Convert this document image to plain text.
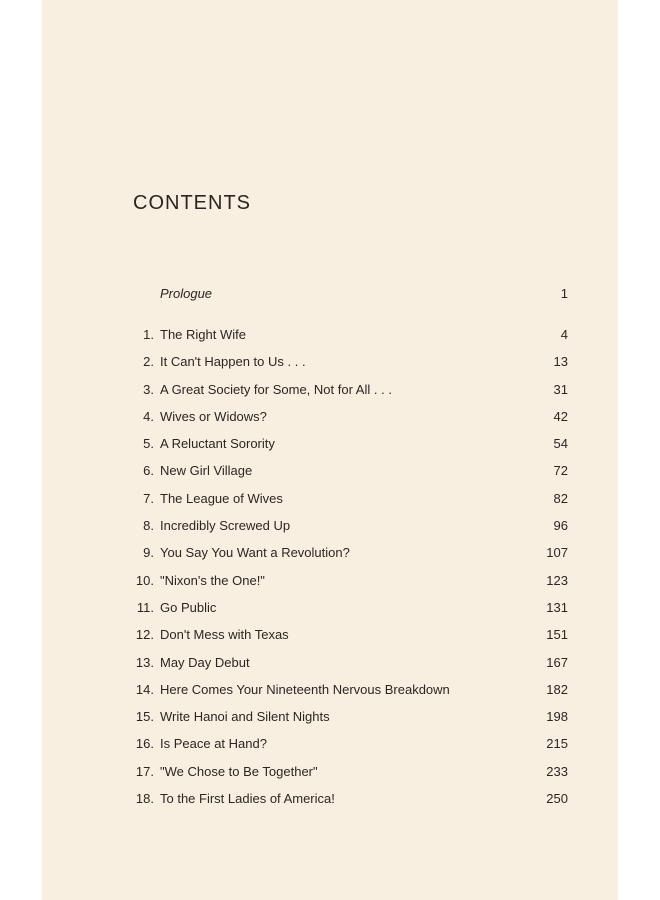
CONTENTS
Prologue	1
1. The Right Wife	4
2. It Can't Happen to Us . . .	13
3. A Great Society for Some, Not for All . . .	31
4. Wives or Widows?	42
5. A Reluctant Sorority	54
6. New Girl Village	72
7. The League of Wives	82
8. Incredibly Screwed Up	96
9. You Say You Want a Revolution?	107
10. "Nixon's the One!"	123
11. Go Public	131
12. Don't Mess with Texas	151
13. May Day Debut	167
14. Here Comes Your Nineteenth Nervous Breakdown	182
15. Write Hanoi and Silent Nights	198
16. Is Peace at Hand?	215
17. "We Chose to Be Together"	233
18. To the First Ladies of America!	250
